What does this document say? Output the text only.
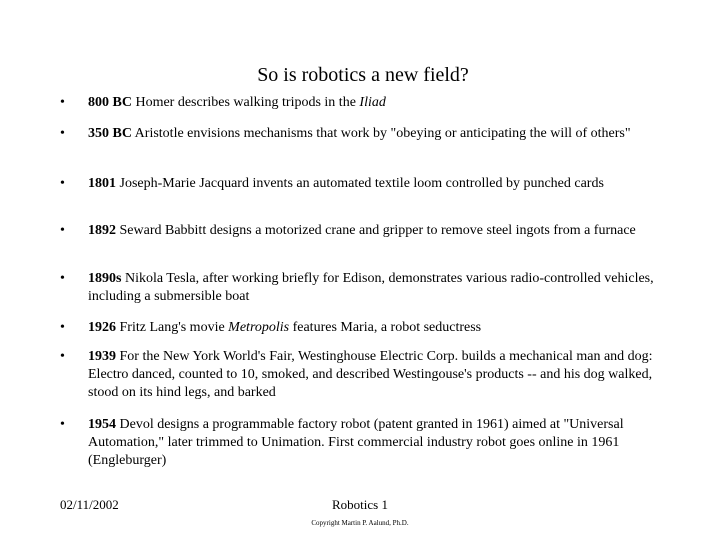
So is robotics a new field?
• 800 BC Homer describes walking tripods in the Iliad
• 350 BC Aristotle envisions mechanisms that work by "obeying or anticipating the will of others"
• 1801 Joseph-Marie Jacquard invents an automated textile loom controlled by punched cards
• 1892 Seward Babbitt designs a motorized crane and gripper to remove steel ingots from a furnace
• 1890s Nikola Tesla, after working briefly for Edison, demonstrates various radio-controlled vehicles, including a submersible boat
• 1926 Fritz Lang's movie Metropolis features Maria, a robot seductress
• 1939 For the New York World's Fair, Westinghouse Electric Corp. builds a mechanical man and dog: Electro danced, counted to 10, smoked, and described Westingouse's products -- and his dog walked, stood on its hind legs, and barked
• 1954 Devol designs a programmable factory robot (patent granted in 1961) aimed at "Universal Automation," later trimmed to Unimation. First commercial industry robot goes online in 1961 (Engleburger)
02/11/2002	Robotics 1
Copyright Martin P. Aalund, Ph.D.
